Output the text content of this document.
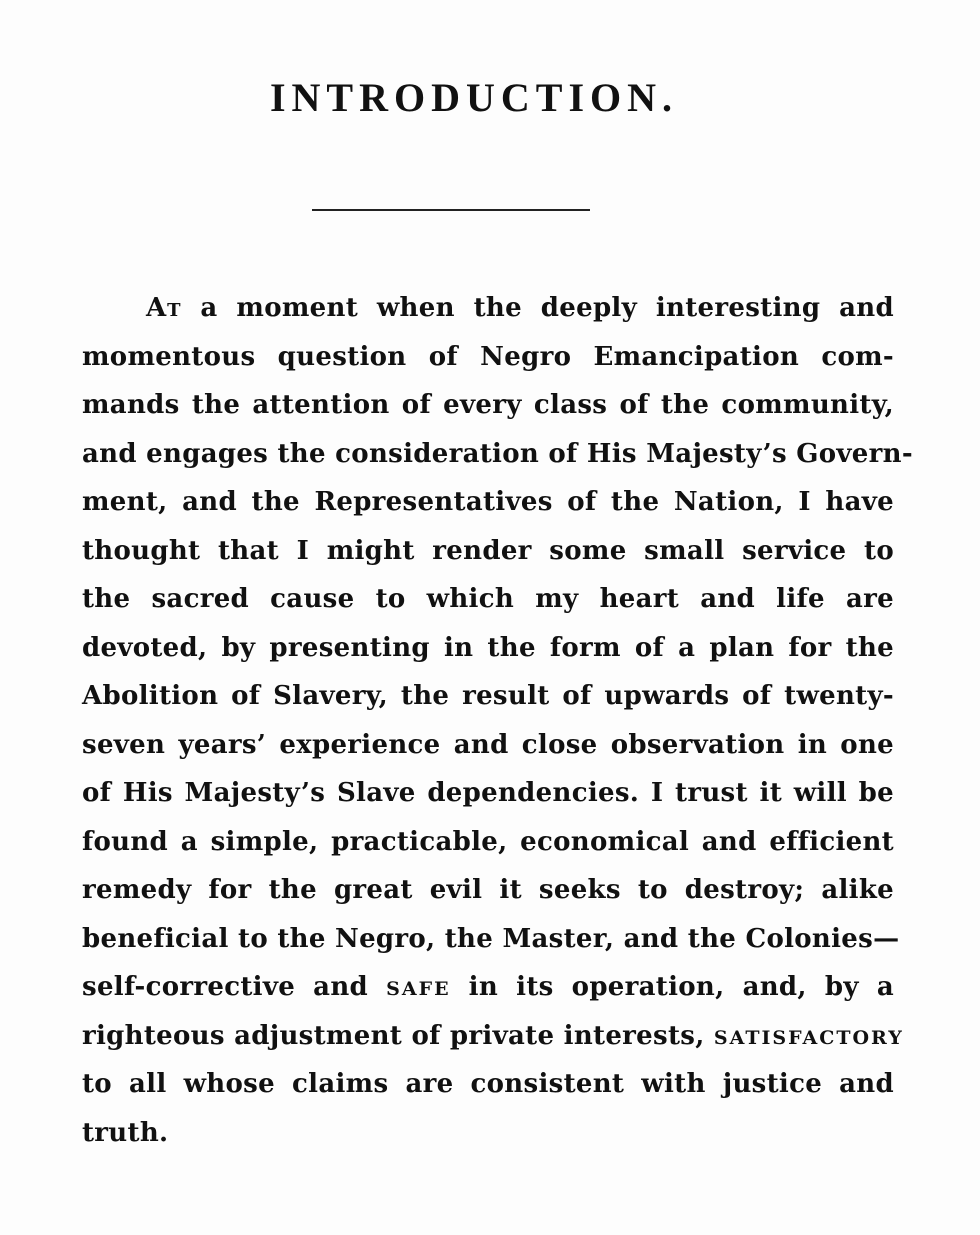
INTRODUCTION.
At a moment when the deeply interesting and
momentous question of Negro Emancipation com-
mands the attention of every class of the community,
and engages the consideration of His Majesty’s Govern-
ment, and the Representatives of the Nation, I have
thought that I might render some small service to
the sacred cause to which my heart and life are
devoted, by presenting in the form of a plan for the
Abolition of Slavery, the result of upwards of twenty-
seven years’ experience and close observation in one
of His Majesty’s Slave dependencies. I trust it will be
found a simple, practicable, economical and efficient
remedy for the great evil it seeks to destroy; alike
beneficial to the Negro, the Master, and the Colonies—
self-corrective and SAFE in its operation, and, by a
righteous adjustment of private interests, SATISFACTORY
to all whose claims are consistent with justice and
truth.
